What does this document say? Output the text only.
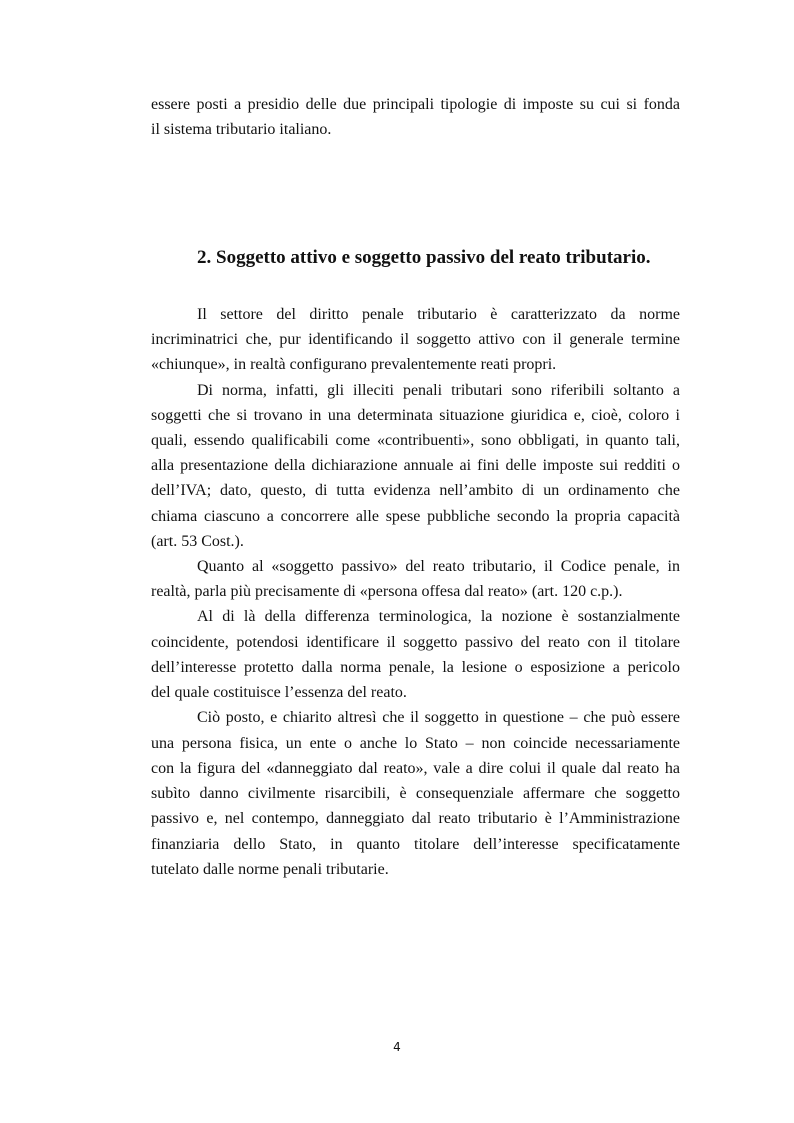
essere posti a presidio delle due principali tipologie di imposte su cui si fonda
il sistema tributario italiano.
2. Soggetto attivo e soggetto passivo del reato tributario.
Il settore del diritto penale tributario è caratterizzato da norme
incriminatrici che, pur identificando il soggetto attivo con il generale termine
«chiunque», in realtà configurano prevalentemente reati propri.
Di norma, infatti, gli illeciti penali tributari sono riferibili soltanto a
soggetti che si trovano in una determinata situazione giuridica e, cioè, coloro i
quali, essendo qualificabili come «contribuenti», sono obbligati, in quanto tali,
alla presentazione della dichiarazione annuale ai fini delle imposte sui redditi o
dell’IVA; dato, questo, di tutta evidenza nell’ambito di un ordinamento che
chiama ciascuno a concorrere alle spese pubbliche secondo la propria capacità
(art. 53 Cost.).
Quanto al «soggetto passivo» del reato tributario, il Codice penale, in
realtà, parla più precisamente di «persona offesa dal reato» (art. 120 c.p.).
Al di là della differenza terminologica, la nozione è sostanzialmente
coincidente, potendosi identificare il soggetto passivo del reato con il titolare
dell’interesse protetto dalla norma penale, la lesione o esposizione a pericolo
del quale costituisce l’essenza del reato.
Ciò posto, e chiarito altresì che il soggetto in questione – che può essere
una persona fisica, un ente o anche lo Stato – non coincide necessariamente
con la figura del «danneggiato dal reato», vale a dire colui il quale dal reato ha
subìto danno civilmente risarcibili, è consequenziale affermare che soggetto
passivo e, nel contempo, danneggiato dal reato tributario è l’Amministrazione
finanziaria dello Stato, in quanto titolare dell’interesse specificatamente
tutelato dalle norme penali tributarie.
4
